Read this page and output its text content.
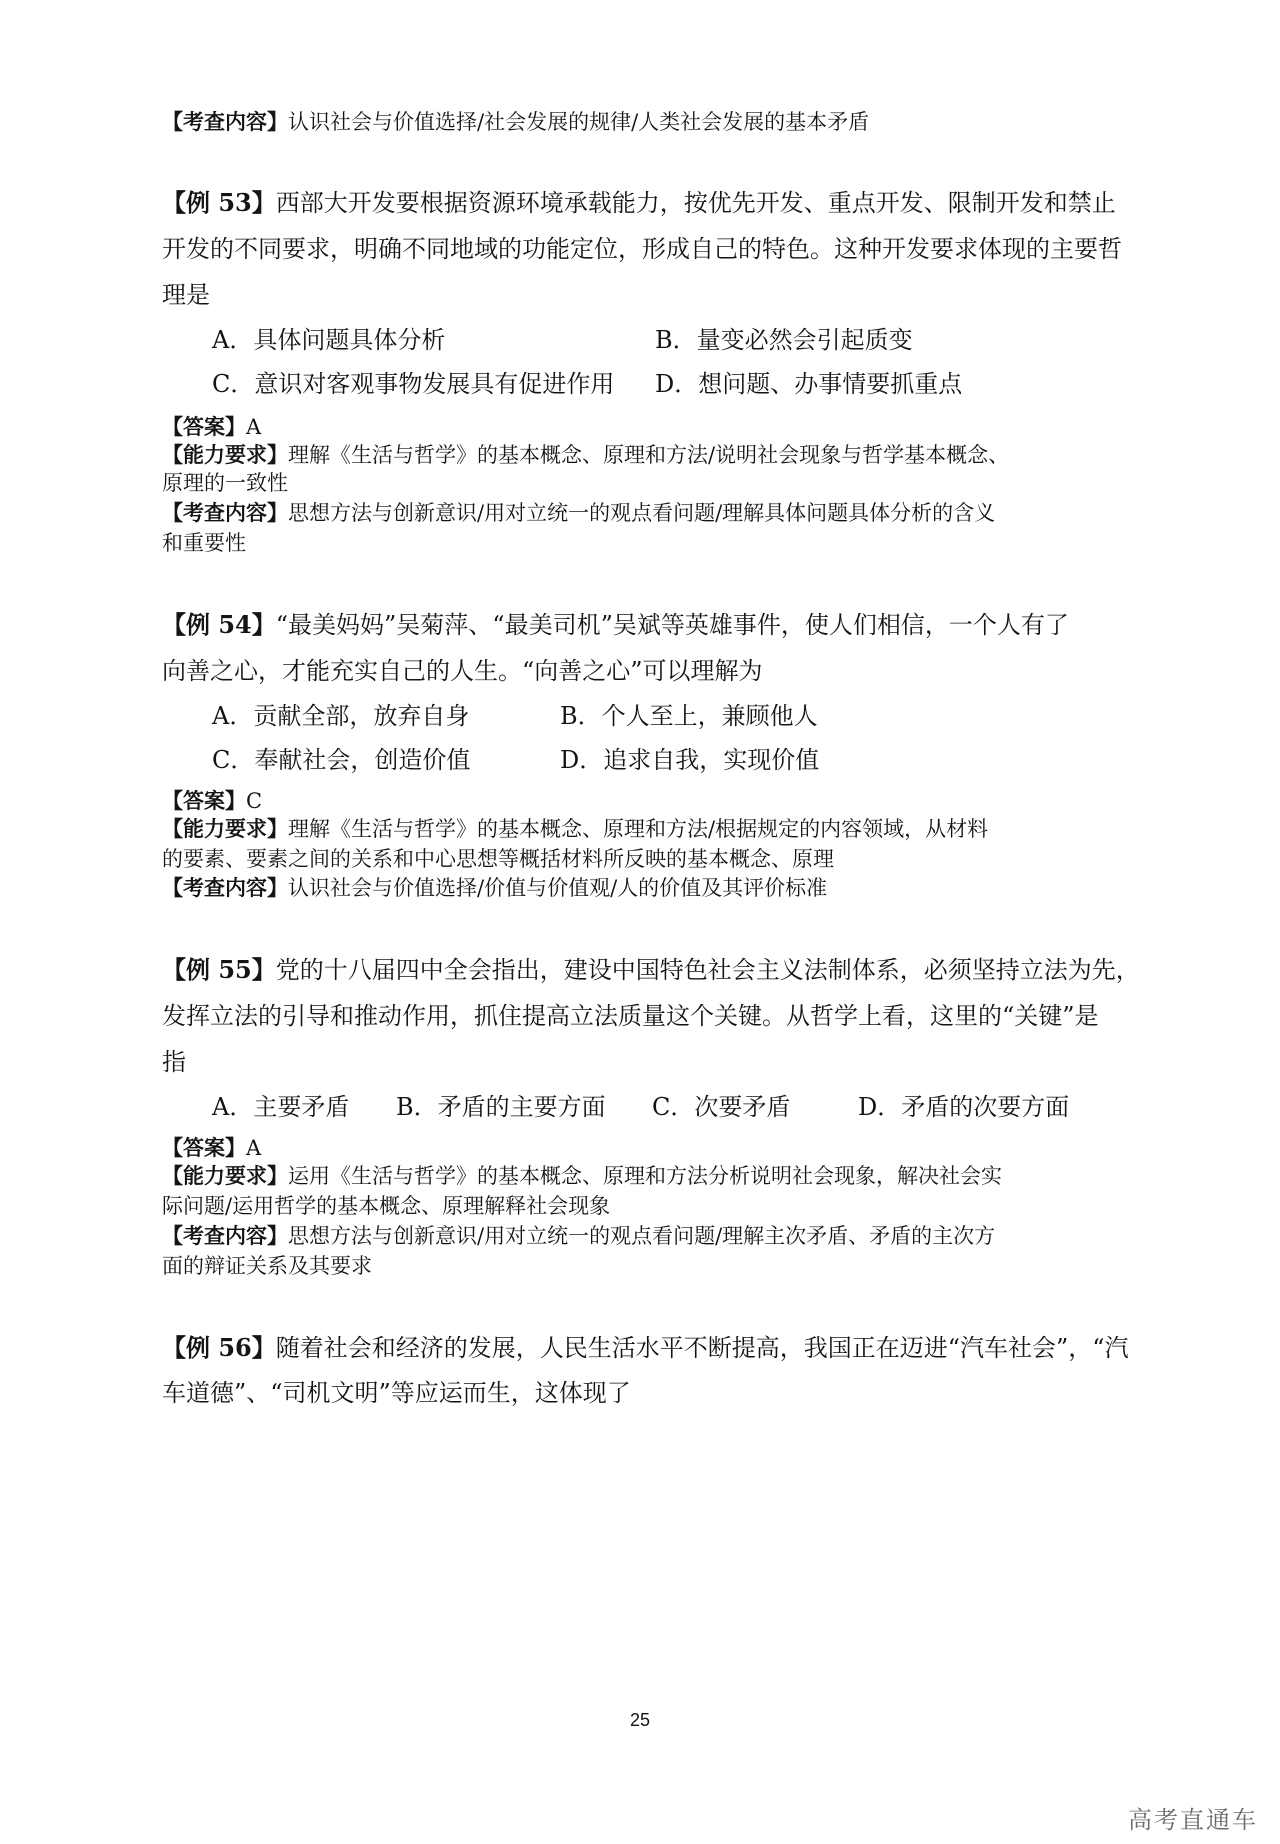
【考查内容】认识社会与价值选择/社会发展的规律/人类社会发展的基本矛盾
【例 53】西部大开发要根据资源环境承载能力，按优先开发、重点开发、限制开发和禁止
开发的不同要求，明确不同地域的功能定位，形成自己的特色。这种开发要求体现的主要哲
理是
A．具体问题具体分析	B．量变必然会引起质变
C．意识对客观事物发展具有促进作用 D．想问题、办事情要抓重点
【答案】A
【能力要求】理解《生活与哲学》的基本概念、原理和方法/说明社会现象与哲学基本概念、
原理的一致性
【考查内容】思想方法与创新意识/用对立统一的观点看问题/理解具体问题具体分析的含义
和重要性
【例 54】“最美妈妈”吴菊萍、“最美司机”吴斌等英雄事件，使人们相信，一个人有了
向善之心，才能充实自己的人生。“向善之心”可以理解为
A．贡献全部，放弃自身	B．个人至上，兼顾他人
C．奉献社会，创造价值	D．追求自我，实现价值
【答案】C
【能力要求】理解《生活与哲学》的基本概念、原理和方法/根据规定的内容领域，从材料
的要素、要素之间的关系和中心思想等概括材料所反映的基本概念、原理
【考查内容】认识社会与价值选择/价值与价值观/人的价值及其评价标准
【例 55】党的十八届四中全会指出，建设中国特色社会主义法制体系，必须坚持立法为先，
发挥立法的引导和推动作用，抓住提高立法质量这个关键。从哲学上看，这里的“关键”是
指
A．主要矛盾 B．矛盾的主要方面 C．次要矛盾	D．矛盾的次要方面
【答案】A
【能力要求】运用《生活与哲学》的基本概念、原理和方法分析说明社会现象，解决社会实
际问题/运用哲学的基本概念、原理解释社会现象
【考查内容】思想方法与创新意识/用对立统一的观点看问题/理解主次矛盾、矛盾的主次方
面的辩证关系及其要求
【例 56】随着社会和经济的发展，人民生活水平不断提高，我国正在迈进“汽车社会”，“汽
车道德”、“司机文明”等应运而生，这体现了
25
高考直通车
